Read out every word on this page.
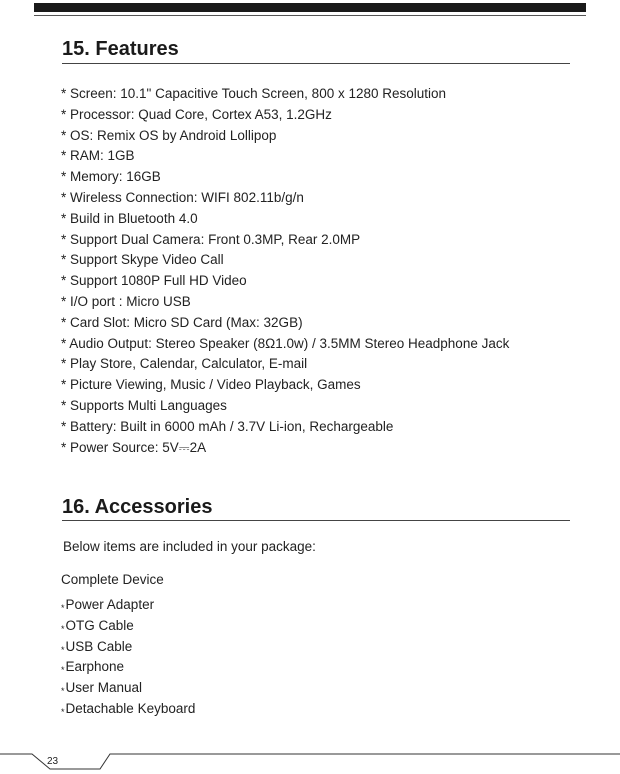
15. Features
* Screen: 10.1" Capacitive Touch Screen, 800 x 1280 Resolution
* Processor: Quad Core, Cortex A53, 1.2GHz
* OS: Remix OS by Android Lollipop
* RAM: 1GB
* Memory: 16GB
* Wireless Connection: WIFI 802.11b/g/n
* Build in Bluetooth 4.0
* Support Dual Camera: Front 0.3MP, Rear 2.0MP
* Support Skype Video Call
* Support 1080P Full HD Video
* I/O port : Micro USB
* Card Slot: Micro SD Card (Max: 32GB)
* Audio Output: Stereo Speaker (8Ω1.0w) / 3.5MM Stereo Headphone Jack
* Play Store, Calendar, Calculator, E-mail
* Picture Viewing, Music / Video Playback, Games
* Supports Multi Languages
* Battery: Built in 6000 mAh / 3.7V Li-ion, Rechargeable
* Power Source: 5V⎓2A
16. Accessories
Below items are included in your package:
Complete Device
*Power Adapter
*OTG Cable
*USB Cable
*Earphone
*User Manual
*Detachable Keyboard
23
